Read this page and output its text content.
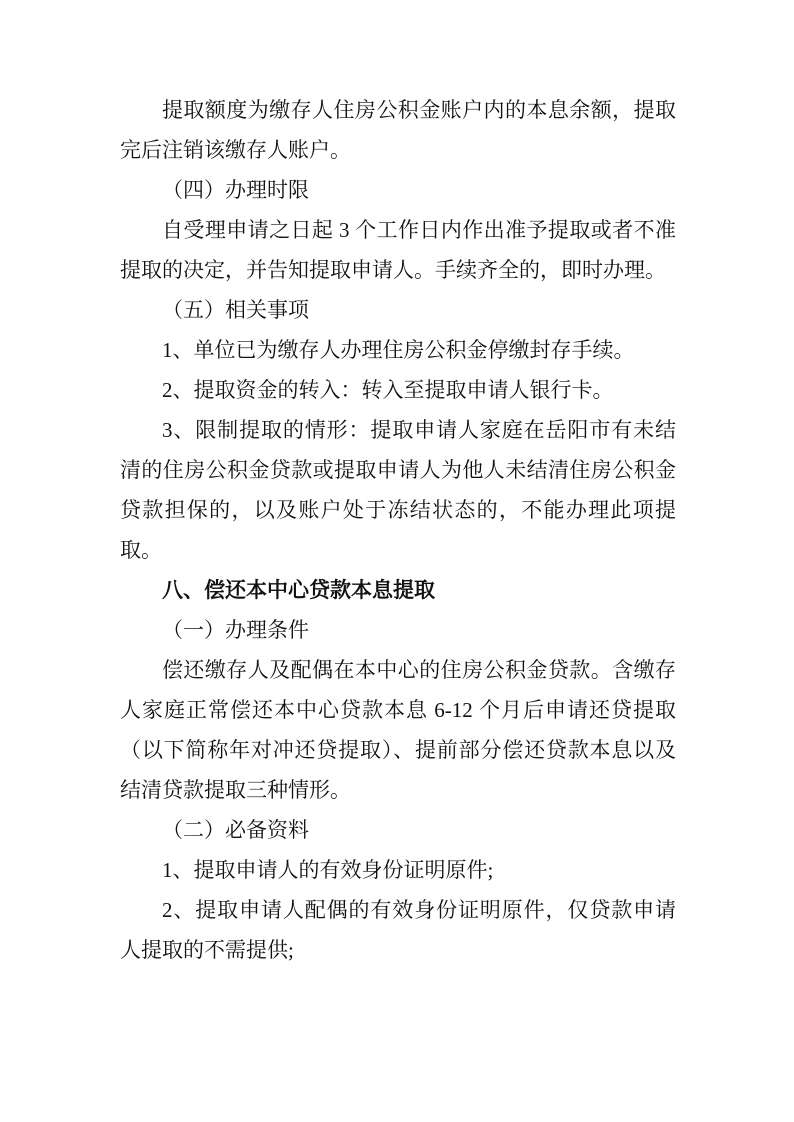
提取额度为缴存人住房公积金账户内的本息余额，提取完后注销该缴存人账户。

（四）办理时限

自受理申请之日起 3 个工作日内作出准予提取或者不准提取的决定，并告知提取申请人。手续齐全的，即时办理。

（五）相关事项

1、单位已为缴存人办理住房公积金停缴封存手续。

2、提取资金的转入：转入至提取申请人银行卡。

3、限制提取的情形：提取申请人家庭在岳阳市有未结清的住房公积金贷款或提取申请人为他人未结清住房公积金贷款担保的，以及账户处于冻结状态的，不能办理此项提取。

八、偿还本中心贷款本息提取

（一）办理条件

偿还缴存人及配偶在本中心的住房公积金贷款。含缴存人家庭正常偿还本中心贷款本息 6-12 个月后申请还贷提取（以下简称年对冲还贷提取）、提前部分偿还贷款本息以及结清贷款提取三种情形。

（二）必备资料

1、提取申请人的有效身份证明原件;

2、提取申请人配偶的有效身份证明原件，仅贷款申请人提取的不需提供;
